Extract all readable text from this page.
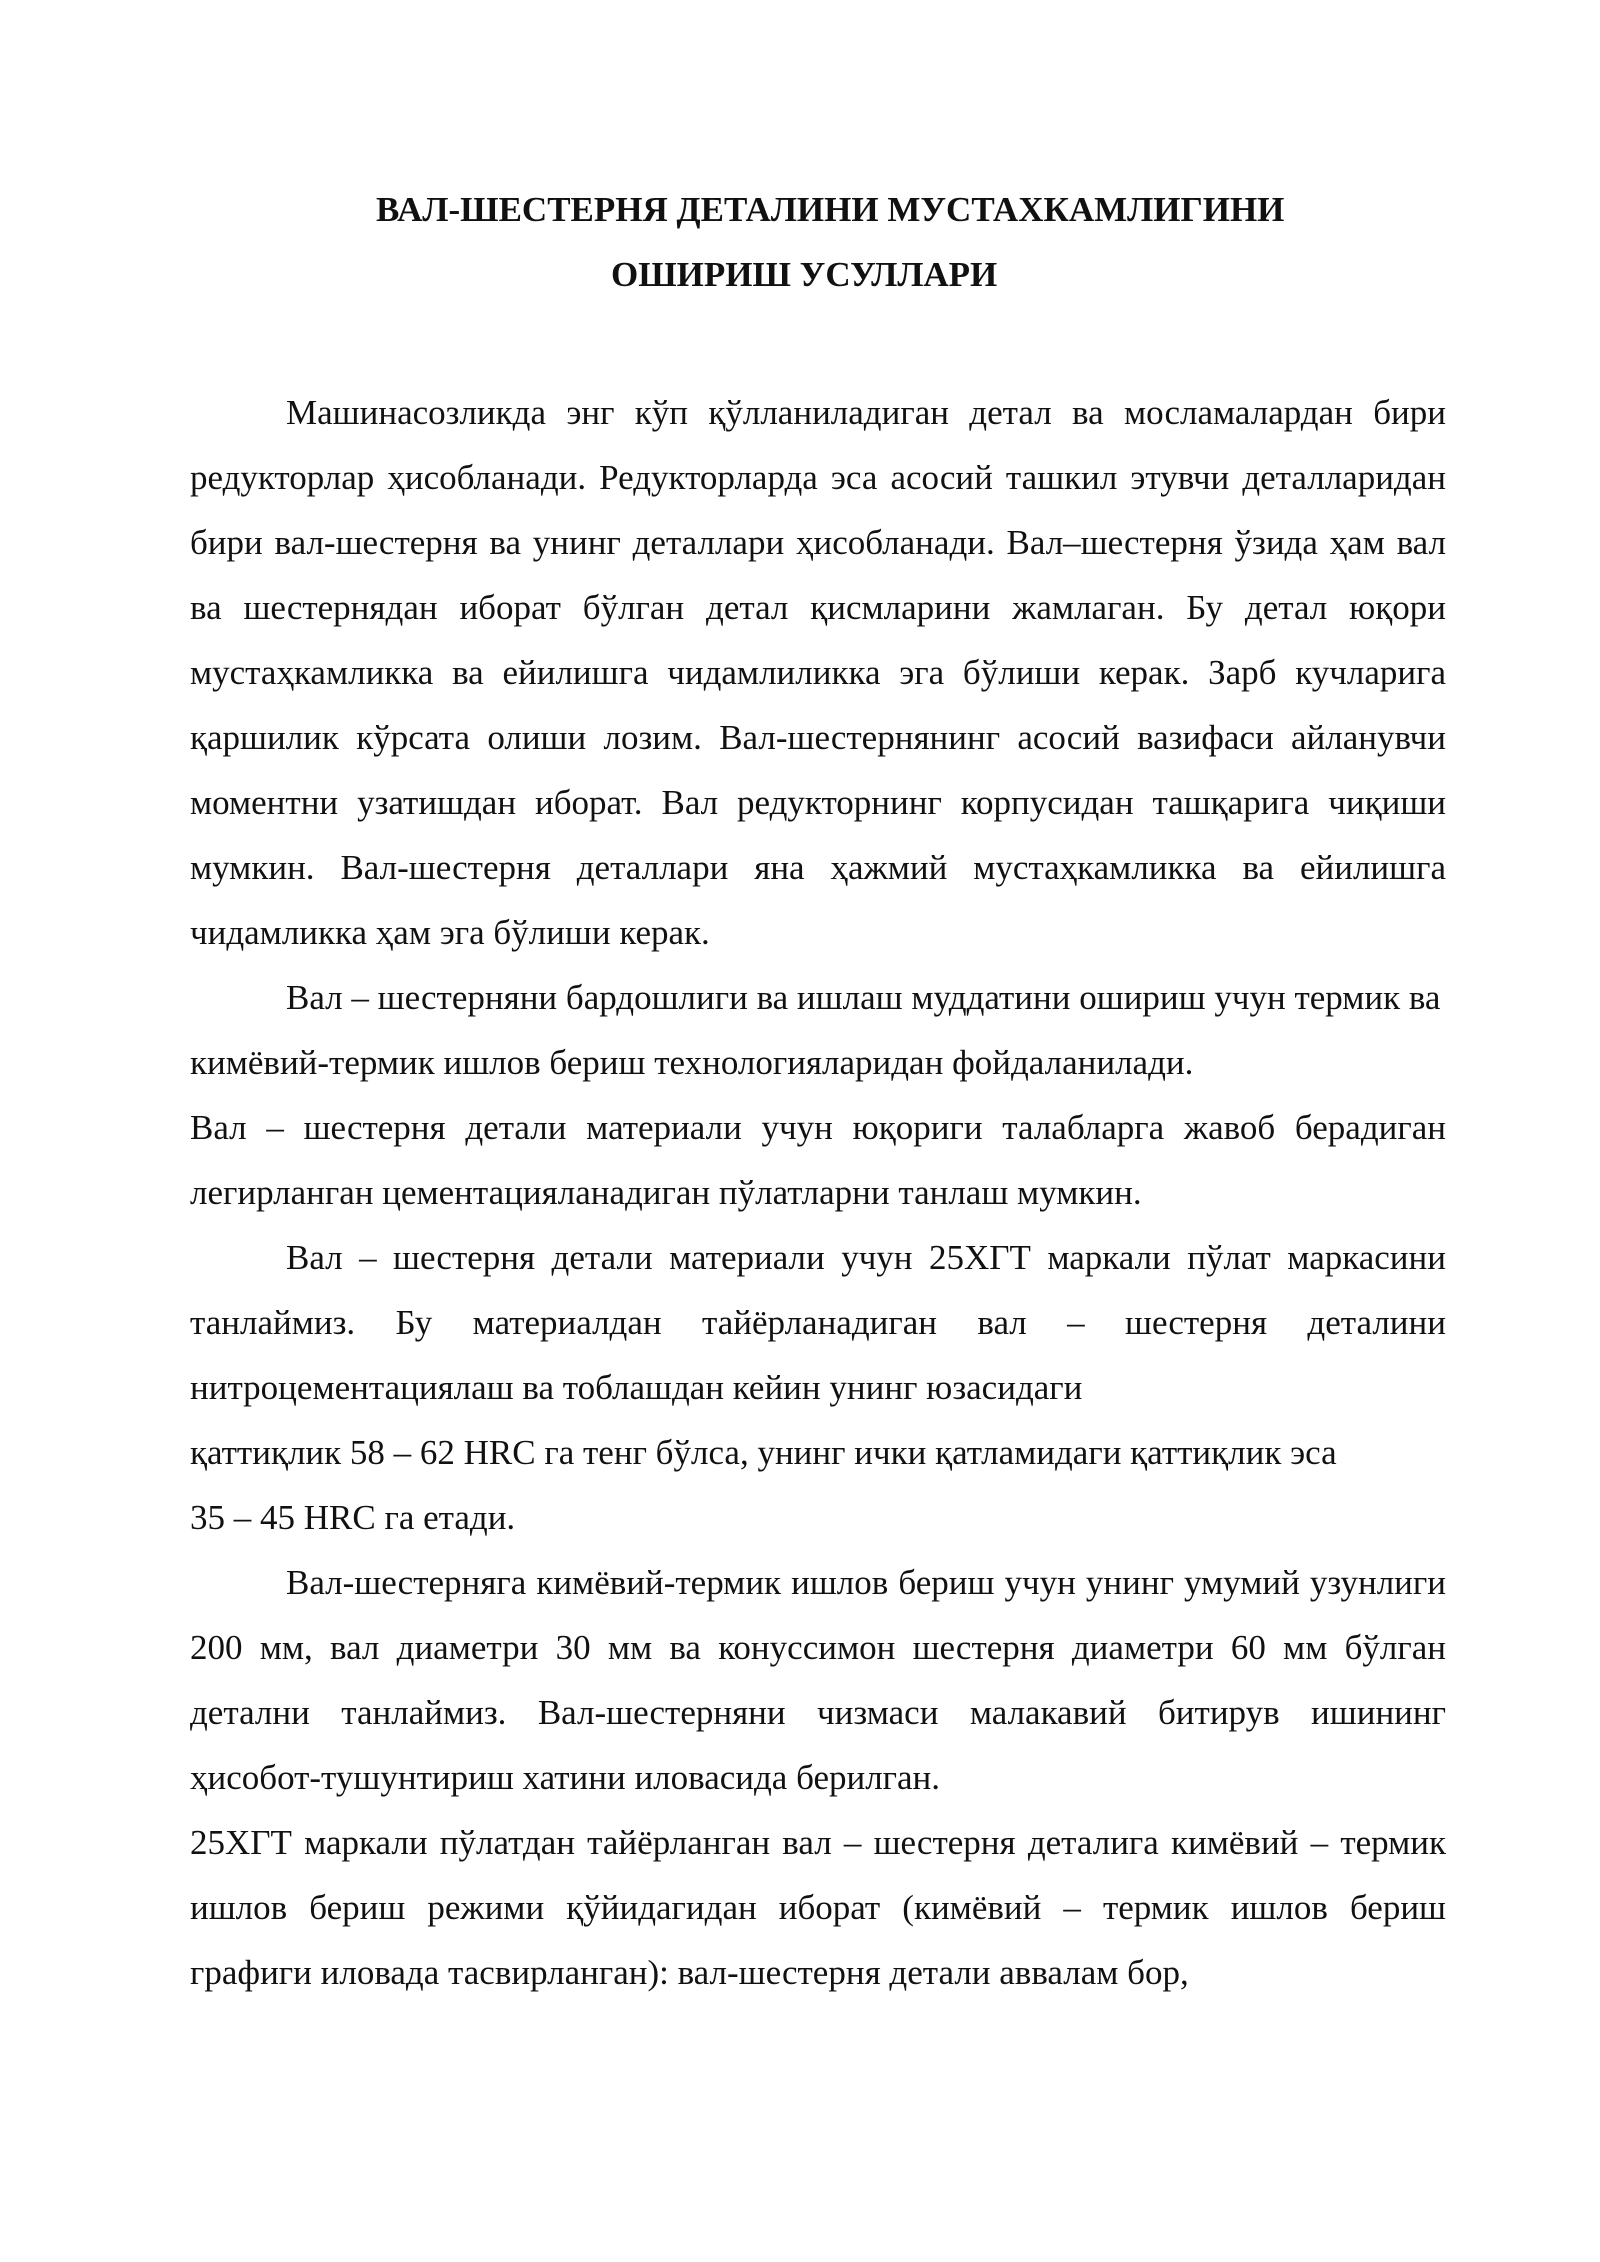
ВАЛ-ШЕСТЕРНЯ ДЕТАЛИНИ МУСТАХКАМЛИГИНИ
ОШИРИШ УСУЛЛАРИ

Машинасозликда энг кўп қўлланиладиган детал ва мосламалардан бири редукторлар ҳисобланади. Редукторларда эса асосий ташкил этувчи деталларидан бири вал-шестерня ва унинг деталлари ҳисобланади. Вал–шестерня ўзида ҳам вал ва шестернядан иборат бўлган детал қисмларини жамлаган. Бу детал юқори мустаҳкамликка ва ейилишга чидамлиликка эга бўлиши керак. Зарб кучларига қаршилик кўрсата олиши лозим. Вал-шестернянинг асосий вазифаси айланувчи моментни узатишдан иборат. Вал редукторнинг корпусидан ташқарига чиқиши мумкин. Вал-шестерня деталлари яна ҳажмий мустаҳкамликка ва ейилишга чидамликка ҳам эга бўлиши керак.

Вал – шестерняни бардошлиги ва ишлаш муддатини ошириш учун термик ва кимёвий-термик ишлов бериш технологияларидан фойдаланилади.

Вал – шестерня детали материали учун юқориги талабларга жавоб берадиган легирланган цементацияланадиган пўлатларни танлаш мумкин.

Вал – шестерня детали материали учун 25ХГТ маркали пўлат маркасини танлаймиз. Бу материалдан тайёрланадиган вал – шестерня деталини нитроцементациялаш ва тоблашдан кейин унинг юзасидаги

қаттиқлик 58 – 62 HRC га тенг бўлса, унинг ички қатламидаги қаттиқлик эса

35 – 45 HRC га етади.

Вал-шестерняга кимёвий-термик ишлов бериш учун унинг умумий узунлиги 200 мм, вал диаметри 30 мм ва конуссимон шестерня диаметри 60 мм бўлган детални танлаймиз. Вал-шестерняни чизмаси малакавий битирув ишининг ҳисобот-тушунтириш хатини иловасида берилган.

25ХГТ маркали пўлатдан тайёрланган вал – шестерня деталига кимёвий – термик ишлов бериш режими қўйидагидан иборат (кимёвий – термик ишлов бериш графиги иловада тасвирланган): вал-шестерня детали аввалам бор,
